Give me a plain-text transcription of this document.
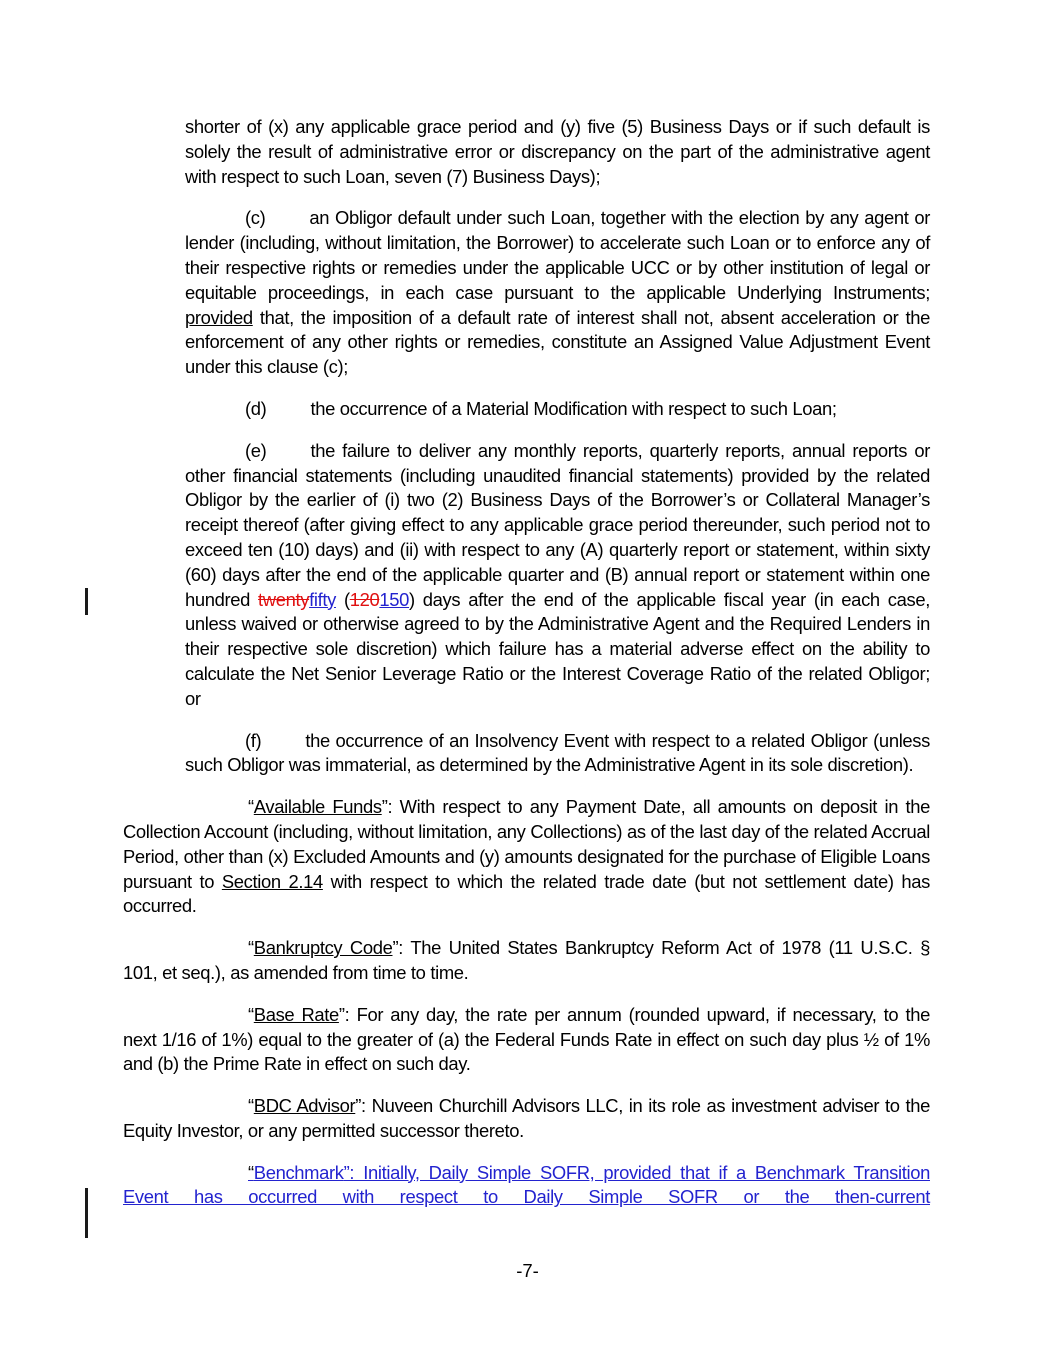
shorter of (x) any applicable grace period and (y) five (5) Business Days or if such default is solely the result of administrative error or discrepancy on the part of the administrative agent with respect to such Loan, seven (7) Business Days);

(c) an Obligor default under such Loan, together with the election by any agent or lender (including, without limitation, the Borrower) to accelerate such Loan or to enforce any of their respective rights or remedies under the applicable UCC or by other institution of legal or equitable proceedings, in each case pursuant to the applicable Underlying Instruments; provided that, the imposition of a default rate of interest shall not, absent acceleration or the enforcement of any other rights or remedies, constitute an Assigned Value Adjustment Event under this clause (c);

(d) the occurrence of a Material Modification with respect to such Loan;

(e) the failure to deliver any monthly reports, quarterly reports, annual reports or other financial statements (including unaudited financial statements) provided by the related Obligor by the earlier of (i) two (2) Business Days of the Borrower’s or Collateral Manager’s receipt thereof (after giving effect to any applicable grace period thereunder, such period not to exceed ten (10) days) and (ii) with respect to any (A) quarterly report or statement, within sixty (60) days after the end of the applicable quarter and (B) annual report or statement within one hundred twentyfifty (120150) days after the end of the applicable fiscal year (in each case, unless waived or otherwise agreed to by the Administrative Agent and the Required Lenders in their respective sole discretion) which failure has a material adverse effect on the ability to calculate the Net Senior Leverage Ratio or the Interest Coverage Ratio of the related Obligor; or

(f) the occurrence of an Insolvency Event with respect to a related Obligor (unless such Obligor was immaterial, as determined by the Administrative Agent in its sole discretion).

“Available Funds”: With respect to any Payment Date, all amounts on deposit in the Collection Account (including, without limitation, any Collections) as of the last day of the related Accrual Period, other than (x) Excluded Amounts and (y) amounts designated for the purchase of Eligible Loans pursuant to Section 2.14 with respect to which the related trade date (but not settlement date) has occurred.

“Bankruptcy Code”: The United States Bankruptcy Reform Act of 1978 (11 U.S.C. § 101, et seq.), as amended from time to time.

“Base Rate”: For any day, the rate per annum (rounded upward, if necessary, to the next 1/16 of 1%) equal to the greater of (a) the Federal Funds Rate in effect on such day plus ½ of 1% and (b) the Prime Rate in effect on such day.

“BDC Advisor”: Nuveen Churchill Advisors LLC, in its role as investment adviser to the Equity Investor, or any permitted successor thereto.

“Benchmark”: Initially, Daily Simple SOFR, provided that if a Benchmark Transition Event has occurred with respect to Daily Simple SOFR or the then-current

-7-
